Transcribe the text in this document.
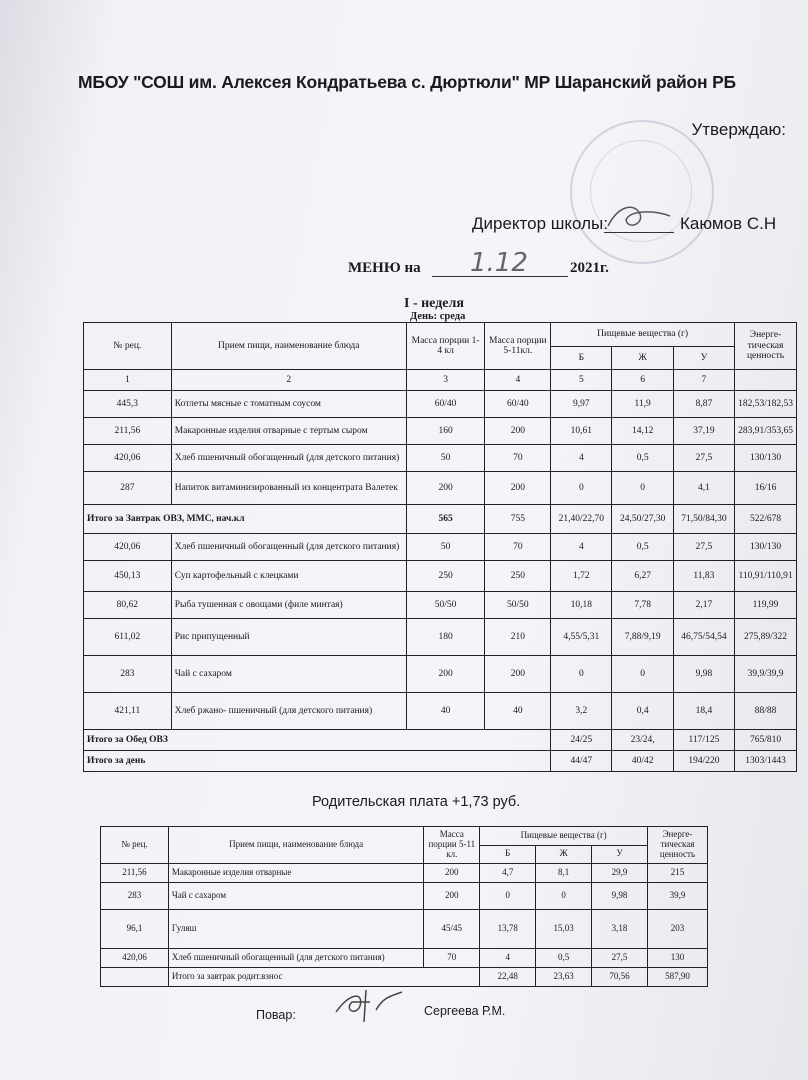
МБОУ "СОШ им. Алексея Кондратьева с. Дюртюли" МР Шаранский район РБ
Утверждаю:
Директор школы:	Каюмов С.Н
МЕНЮ на 1.12	2021г.
I - неделя
День: среда
№ рец.	Прием пищи, наименование блюда	Масса порции 1-4 кл	Масса порции 5-11кл.	Пищевые вещества (г)			Энерге-тическая ценность
				Б	Ж	У	
1	2	3	4	5	6	7	
445,3	Котлеты мясные с томатным соусом	60/40	60/40	9,97	11,9	8,87	182,53/182,53
211,56	Макаронные изделия отварные с тертым сыром	160	200	10,61	14,12	37,19	283,91/353,65
420,06	Хлеб пшеничный обогащенный (для детского питания)	50	70	4	0,5	27,5	130/130
287	Напиток витаминизированный из концентрата Валетек	200	200	0	0	4,1	16/16
Итого за Завтрак ОВЗ, ММС, нач.кл		565	755	21,40/22,70	24,50/27,30	71,50/84,30	522/678
420,06	Хлеб пшеничный обогащенный (для детского питания)	50	70	4	0,5	27,5	130/130
450,13	Суп картофельный с клецками	250	250	1,72	6,27	11,83	110,91/110,91
80,62	Рыба тушенная с овощами (филе минтая)	50/50	50/50	10,18	7,78	2,17	119,99
611,02	Рис припущенный	180	210	4,55/5,31	7,88/9,19	46,75/54,54	275,89/322
283	Чай с сахаром	200	200	0	0	9,98	39,9/39,9
421,11	Хлеб ржано- пшеничный (для детского питания)	40	40	3,2	0,4	18,4	88/88
Итого за Обед ОВЗ				24/25	23/24,	117/125	765/810
Итого за день				44/47	40/42	194/220	1303/1443
Родительская плата +1,73 руб.
№ рец.	Прием пищи, наименование блюда	Масса порции 5-11 кл.	Пищевые вещества (г)			Энерге-тическая ценность
			Б	Ж	У	
211,56	Макаронные изделия отварные	200	4,7	8,1	29,9	215
283	Чай с сахаром	200	0	0	9,98	39,9
96,1	Гуляш	45/45	13,78	15,03	3,18	203
420,06	Хлеб пшеничный обогащенный (для детского питания)	70	4	0,5	27,5	130
	Итого за завтрак родит.взнос		22,48	23,63	70,56	587,90
Повар:	Сергеева Р.М.
